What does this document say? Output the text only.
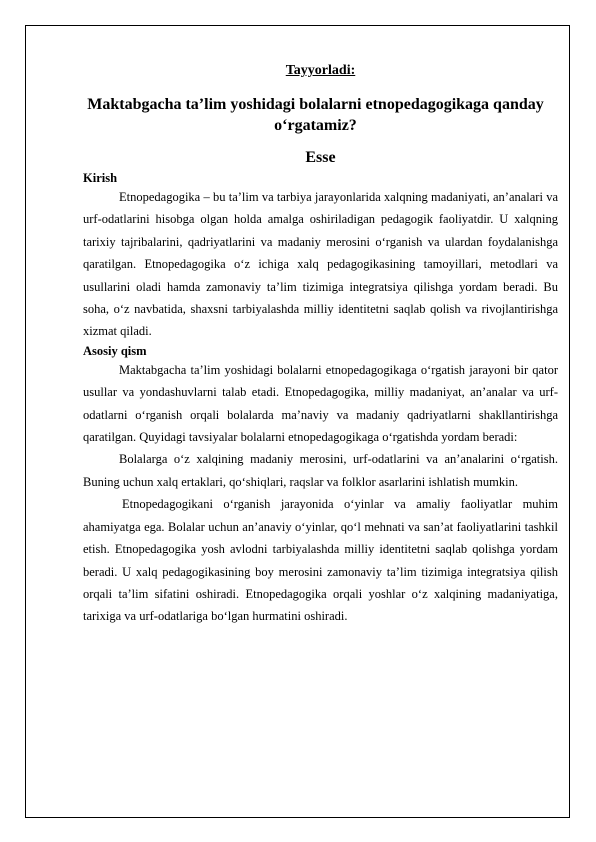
Tayyorladi:

Maktabgacha ta’lim yoshidagi bolalarni etnopedagogikaga qanday o‘rgatamiz?

Esse

Kirish

Etnopedagogika – bu ta’lim va tarbiya jarayonlarida xalqning madaniyati, an’analari va urf-odatlarini hisobga olgan holda amalga oshiriladigan pedagogik faoliyatdir. U xalqning tarixiy tajribalarini, qadriyatlarini va madaniy merosini o‘rganish va ulardan foydalanishga qaratilgan. Etnopedagogika o‘z ichiga xalq pedagogikasining tamoyillari, metodlari va usullarini oladi hamda zamonaviy ta’lim tizimiga integratsiya qilishga yordam beradi. Bu soha, o‘z navbatida, shaxsni tarbiyalashda milliy identitetni saqlab qolish va rivojlantirishga xizmat qiladi.

Asosiy qism

Maktabgacha ta’lim yoshidagi bolalarni etnopedagogikaga o‘rgatish jarayoni bir qator usullar va yondashuvlarni talab etadi. Etnopedagogika, milliy madaniyat, an’analar va urf-odatlarni o‘rganish orqali bolalarda ma’naviy va madaniy qadriyatlarni shakllantirishga qaratilgan. Quyidagi tavsiyalar bolalarni etnopedagogikaga o‘rgatishda yordam beradi:

Bolalarga o‘z xalqining madaniy merosini, urf-odatlarini va an’analarini o‘rgatish. Buning uchun xalq ertaklari, qo‘shiqlari, raqslar va folklor asarlarini ishlatish mumkin.

Etnopedagogikani o‘rganish jarayonida o‘yinlar va amaliy faoliyatlar muhim ahamiyatga ega. Bolalar uchun an’anaviy o‘yinlar, qo‘l mehnati va san’at faoliyatlarini tashkil etish. Etnopedagogika yosh avlodni tarbiyalashda milliy identitetni saqlab qolishga yordam beradi. U xalq pedagogikasining boy merosini zamonaviy ta’lim tizimiga integratsiya qilish orqali ta’lim sifatini oshiradi. Etnopedagogika orqali yoshlar o‘z xalqining madaniyatiga, tarixiga va urf-odatlariga bo‘lgan hurmatini oshiradi.
